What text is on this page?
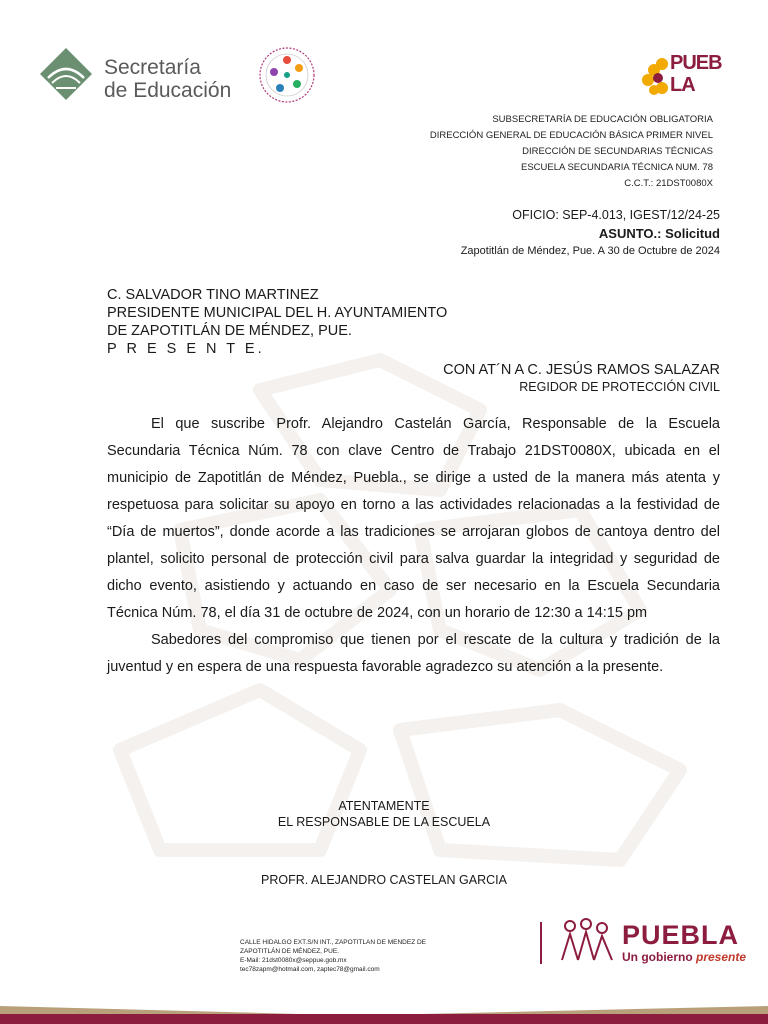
Secretaría
de Educación
PUEBLA
SUBSECRETARÍA DE EDUCACIÓN OBLIGATORIA
DIRECCIÓN GENERAL DE EDUCACIÓN BÁSICA PRIMER NIVEL
DIRECCIÓN DE SECUNDARIAS TÉCNICAS
ESCUELA SECUNDARIA TÉCNICA NUM. 78
C.C.T.: 21DST0080X
OFICIO: SEP-4.013, IGEST/12/24-25
ASUNTO.: Solicitud
Zapotitlán de Méndez, Pue. A 30 de Octubre de 2024
C. SALVADOR TINO MARTINEZ
PRESIDENTE MUNICIPAL DEL H. AYUNTAMIENTO
DE ZAPOTITLÁN DE MÉNDEZ, PUE.
P R E S E N T E.
CON AT´N A C. JESÚS RAMOS SALAZAR
REGIDOR DE PROTECCIÓN CIVIL

El que suscribe Profr. Alejandro Castelán García, Responsable de la Escuela Secundaria Técnica Núm. 78 con clave Centro de Trabajo 21DST0080X, ubicada en el municipio de Zapotitlán de Méndez, Puebla., se dirige a usted de la manera más atenta y respetuosa para solicitar su apoyo en torno a las actividades relacionadas a la festividad de “Día de muertos”, donde acorde a las tradiciones se arrojaran globos de cantoya dentro del plantel, solicito personal de protección civil para salva guardar la integridad y seguridad de dicho evento, asistiendo y actuando en caso de ser necesario en la Escuela Secundaria Técnica Núm. 78, el día 31 de octubre de 2024, con un horario de 12:30 a 14:15 pm

Sabedores del compromiso que tienen por el rescate de la cultura y tradición de la juventud y en espera de una respuesta favorable agradezco su atención a la presente.

ATENTAMENTE
EL RESPONSABLE DE LA ESCUELA
PROFR. ALEJANDRO CASTELAN GARCIA
CALLE HIDALGO EXT.S/N INT., ZAPOTITLAN DE MENDEZ DE
ZAPOTITLÁN DE MÉNDEZ, PUE.
E-Mail: 21dst0080x@seppue.gob.mx
tec78zapm@hotmail.com, zaptec78@gmail.com
PUEBLA
Un gobierno presente
